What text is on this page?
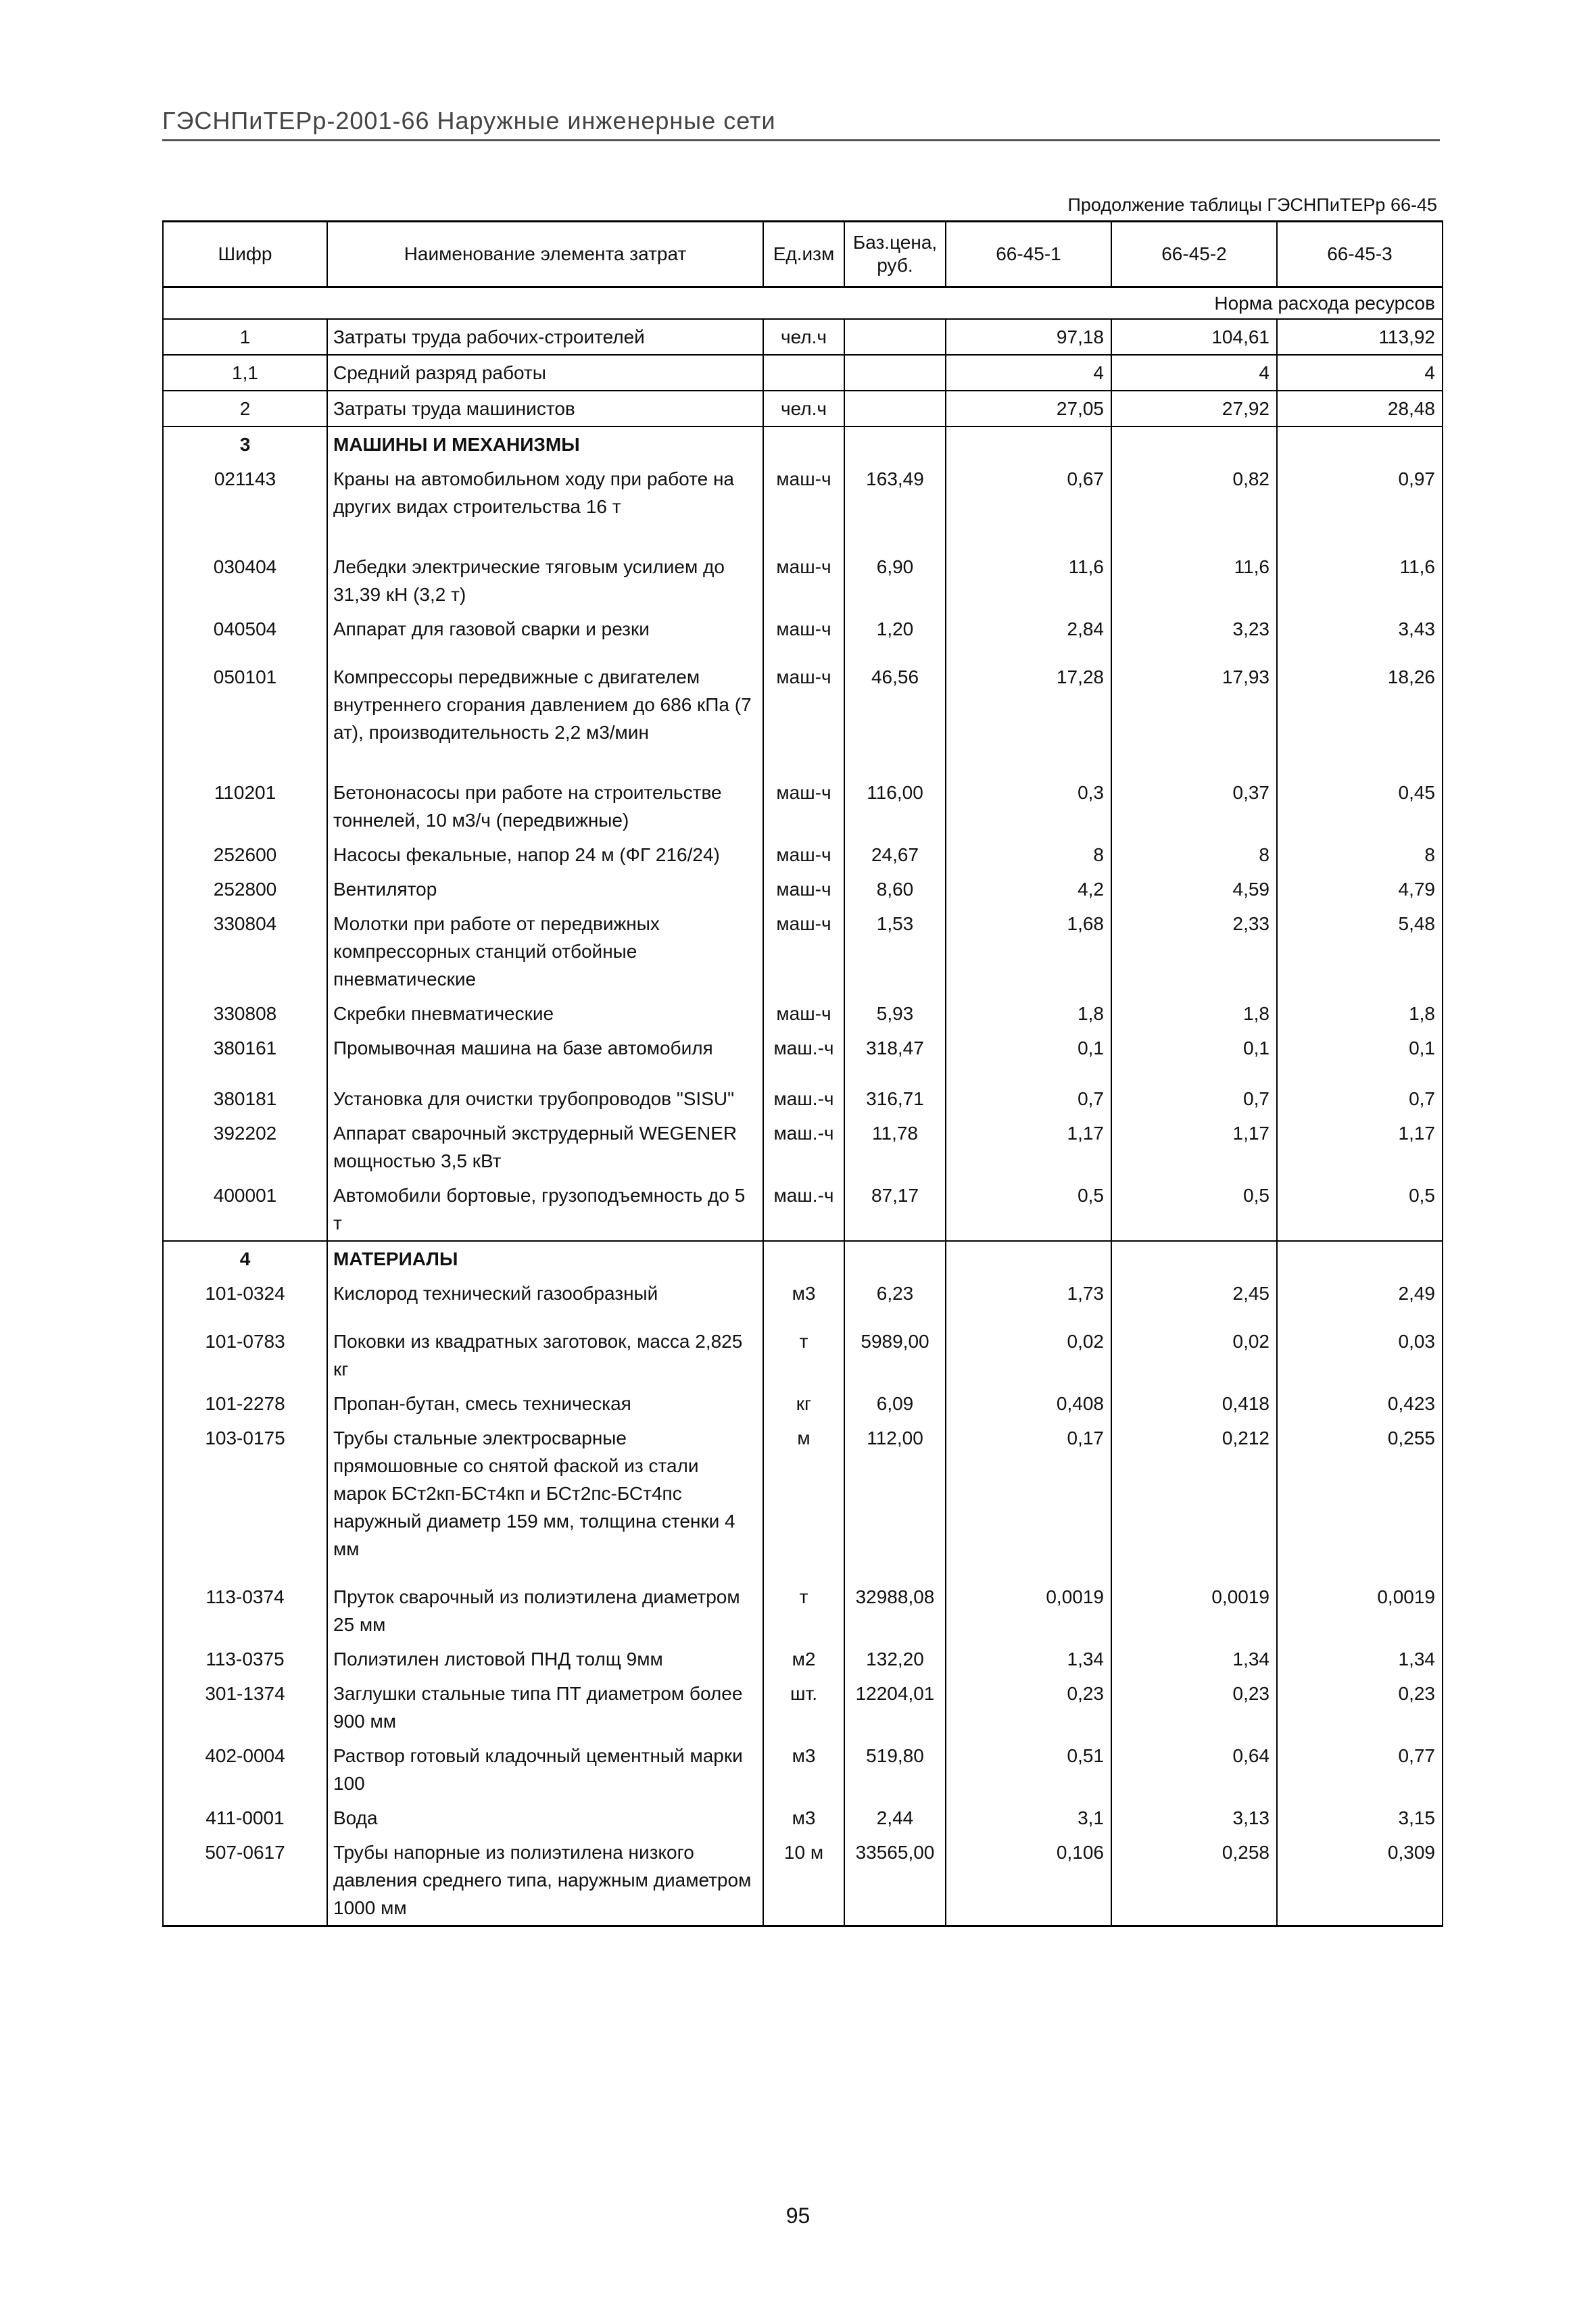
ГЭСНПиТЕРр-2001-66 Наружные инженерные сети
Продолжение таблицы ГЭСНПиТЕРр 66-45
Шифр	Наименование элемента затрат	Ед.изм	Баз.цена, руб.	66-45-1	66-45-2	66-45-3
Норма расхода ресурсов						
1	Затраты труда рабочих-строителей	чел.ч		97,18	104,61	113,92
1,1	Средний разряд работы			4	4	4
2	Затраты труда машинистов	чел.ч		27,05	27,92	28,48
3	МАШИНЫ И МЕХАНИЗМЫ					
021143	Краны на автомобильном ходу при работе на других видах строительства 16 т	маш-ч	163,49	0,67	0,82	0,97
030404	Лебедки электрические тяговым усилием до 31,39 кН (3,2 т)	маш-ч	6,90	11,6	11,6	11,6
040504	Аппарат для газовой сварки и резки	маш-ч	1,20	2,84	3,23	3,43
050101	Компрессоры передвижные с двигателем внутреннего сгорания давлением до 686 кПа (7 ат), производительность 2,2 м3/мин	маш-ч	46,56	17,28	17,93	18,26
110201	Бетононасосы при работе на строительстве тоннелей, 10 м3/ч (передвижные)	маш-ч	116,00	0,3	0,37	0,45
252600	Насосы фекальные, напор 24 м (ФГ 216/24)	маш-ч	24,67	8	8	8
252800	Вентилятор	маш-ч	8,60	4,2	4,59	4,79
330804	Молотки при работе от передвижных компрессорных станций отбойные пневматические	маш-ч	1,53	1,68	2,33	5,48
330808	Скребки пневматические	маш-ч	5,93	1,8	1,8	1,8
380161	Промывочная машина на базе автомобиля	маш.-ч	318,47	0,1	0,1	0,1
380181	Установка для очистки трубопроводов "SISU"	маш.-ч	316,71	0,7	0,7	0,7
392202	Аппарат сварочный экструдерный WEGENER мощностью 3,5 кВт	маш.-ч	11,78	1,17	1,17	1,17
400001	Автомобили бортовые, грузоподъемность до 5 т	маш.-ч	87,17	0,5	0,5	0,5
4	МАТЕРИАЛЫ					
101-0324	Кислород технический газообразный	м3	6,23	1,73	2,45	2,49
101-0783	Поковки из квадратных заготовок, масса 2,825 кг	т	5989,00	0,02	0,02	0,03
101-2278	Пропан-бутан, смесь техническая	кг	6,09	0,408	0,418	0,423
103-0175	Трубы стальные электросварные прямошовные со снятой фаской из стали марок БСт2кп-БСт4кп и БСт2пс-БСт4пс наружный диаметр 159 мм, толщина стенки 4 мм	м	112,00	0,17	0,212	0,255
113-0374	Пруток сварочный из полиэтилена диаметром 25 мм	т	32988,08	0,0019	0,0019	0,0019
113-0375	Полиэтилен листовой ПНД толщ 9мм	м2	132,20	1,34	1,34	1,34
301-1374	Заглушки стальные типа ПТ диаметром более 900 мм	шт.	12204,01	0,23	0,23	0,23
402-0004	Раствор готовый кладочный цементный марки 100	м3	519,80	0,51	0,64	0,77
411-0001	Вода	м3	2,44	3,1	3,13	3,15
507-0617	Трубы напорные из полиэтилена низкого давления среднего типа, наружным диаметром 1000 мм	10 м	33565,00	0,106	0,258	0,309
95
